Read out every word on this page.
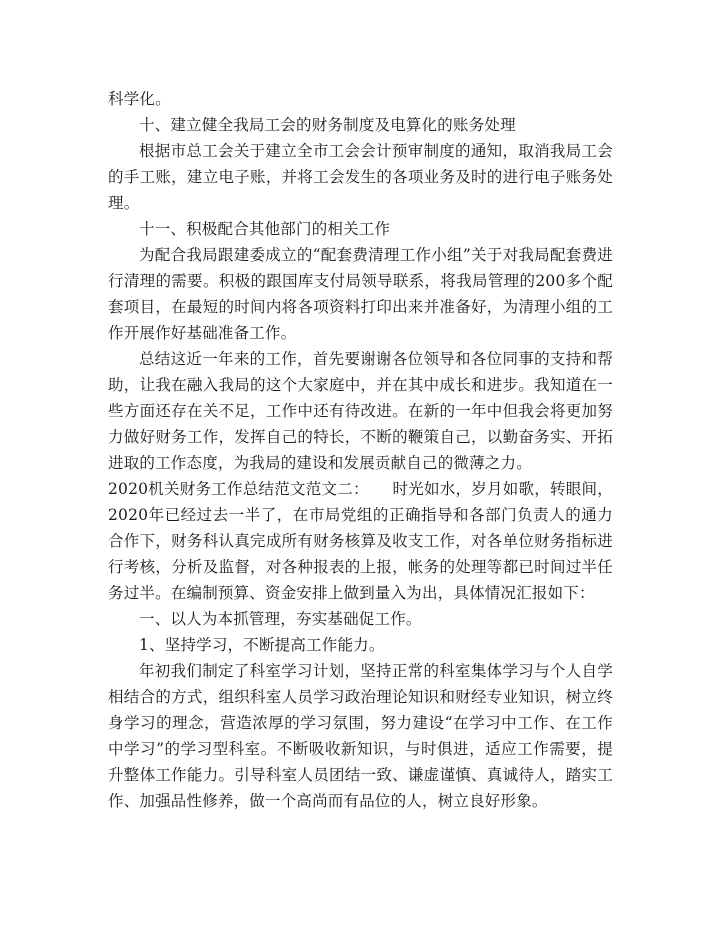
科学化。

十、建立健全我局工会的财务制度及电算化的账务处理

根据市总工会关于建立全市工会会计预审制度的通知，取消我局工会的手工账，建立电子账，并将工会发生的各项业务及时的进行电子账务处理。

十一、积极配合其他部门的相关工作

为配合我局跟建委成立的“配套费清理工作小组”关于对我局配套费进行清理的需要。积极的跟国库支付局领导联系，将我局管理的200多个配套项目，在最短的时间内将各项资料打印出来并准备好，为清理小组的工作开展作好基础准备工作。

总结这近一年来的工作，首先要谢谢各位领导和各位同事的支持和帮助，让我在融入我局的这个大家庭中，并在其中成长和进步。我知道在一些方面还存在关不足，工作中还有待改进。在新的一年中但我会将更加努力做好财务工作，发挥自己的特长，不断的鞭策自己，以勤奋务实、开拓进取的工作态度，为我局的建设和发展贡献自己的微薄之力。

2020机关财务工作总结范文范文二：　　时光如水，岁月如歌，转眼间，2020年已经过去一半了，在市局党组的正确指导和各部门负责人的通力合作下，财务科认真完成所有财务核算及收支工作，对各单位财务指标进行考核，分析及监督，对各种报表的上报，帐务的处理等都已时间过半任务过半。在编制预算、资金安排上做到量入为出，具体情况汇报如下：

一、以人为本抓管理，夯实基础促工作。

1、坚持学习，不断提高工作能力。

年初我们制定了科室学习计划，坚持正常的科室集体学习与个人自学相结合的方式，组织科室人员学习政治理论知识和财经专业知识，树立终身学习的理念，营造浓厚的学习氛围，努力建设“在学习中工作、在工作中学习”的学习型科室。不断吸收新知识，与时俱进，适应工作需要，提升整体工作能力。引导科室人员团结一致、谦虚谨慎、真诚待人，踏实工作、加强品性修养，做一个高尚而有品位的人，树立良好形象。
